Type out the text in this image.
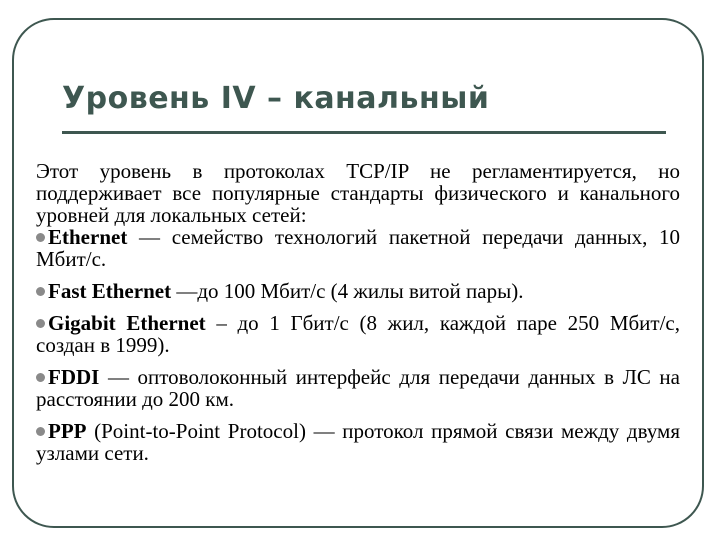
Уровень IV – канальный

Этот уровень в протоколах TCP/IP не регламентируется, но поддерживает все популярные стандарты физического и канального уровней для локальных сетей:

Ethernet — семейство технологий пакетной передачи данных, 10 Мбит/с.

Fast Ethernet —до 100 Мбит/с (4 жилы витой пары).

Gigabit Ethernet – до 1 Гбит/с (8 жил, каждой паре 250 Мбит/с, создан в 1999).

FDDI — оптоволоконный интерфейс для передачи данных в ЛС на расстоянии до 200 км.

PPP (Point-to-Point Protocol) — протокол прямой связи между двумя узлами сети.
